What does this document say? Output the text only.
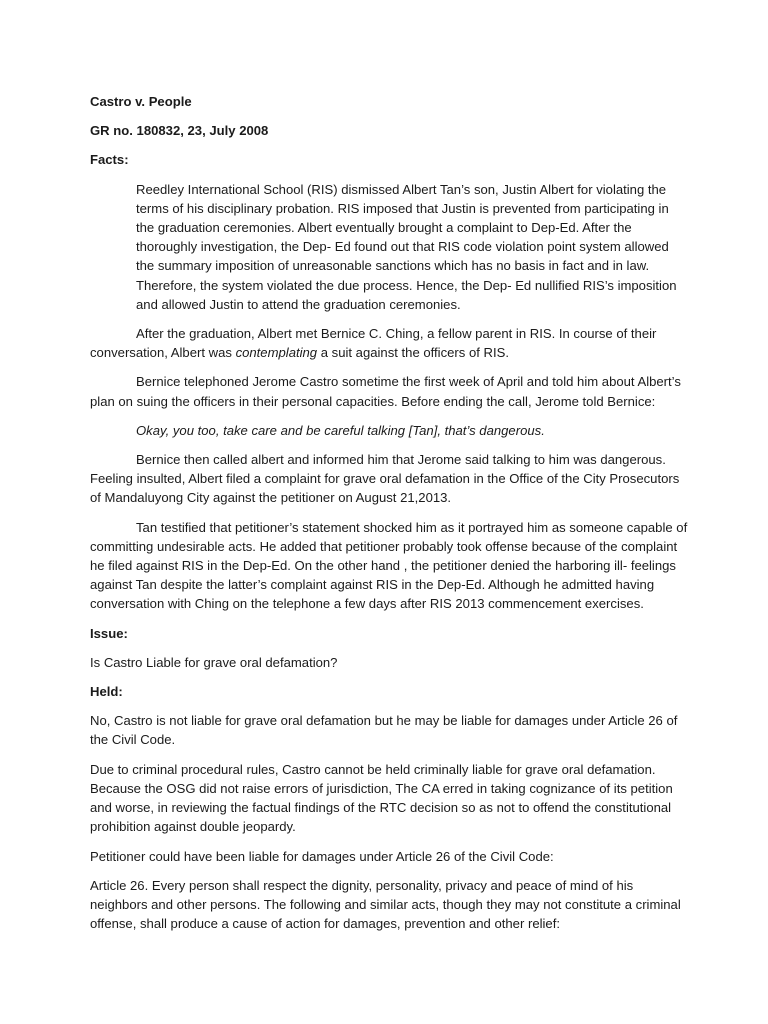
Castro v. People

GR no. 180832, 23, July 2008

Facts:

Reedley International School (RIS) dismissed Albert Tan’s son, Justin Albert for violating the terms of his disciplinary probation. RIS imposed that Justin is prevented from participating in the graduation ceremonies. Albert eventually brought a complaint to Dep-Ed. After the thoroughly investigation, the Dep- Ed found out that RIS code violation point system allowed the summary imposition of unreasonable sanctions which has no basis in fact and in law. Therefore, the system violated the due process. Hence, the Dep- Ed nullified RIS’s imposition and allowed Justin to attend the graduation ceremonies.

After the graduation, Albert met Bernice C. Ching, a fellow parent in RIS. In course of their conversation, Albert was contemplating a suit against the officers of RIS.

Bernice telephoned Jerome Castro sometime the first week of April and told him about Albert’s plan on suing the officers in their personal capacities. Before ending the call, Jerome told Bernice:

Okay, you too, take care and be careful talking [Tan], that’s dangerous.

Bernice then called albert and informed him that Jerome said talking to him was dangerous. Feeling insulted, Albert filed a complaint for grave oral defamation in the Office of the City Prosecutors of Mandaluyong City against the petitioner on August 21,2013.

Tan testified that petitioner’s statement shocked him as it portrayed him as someone capable of committing undesirable acts. He added that petitioner probably took offense because of the complaint he filed against RIS in the Dep-Ed. On the other hand , the petitioner denied the harboring ill- feelings against Tan despite the latter’s complaint against RIS in the Dep-Ed. Although he admitted having conversation with Ching on the telephone a few days after RIS 2013 commencement exercises.

Issue:

Is Castro Liable for grave oral defamation?

Held:

No, Castro is not liable for grave oral defamation but he may be liable for damages under Article 26 of the Civil Code.

Due to criminal procedural rules, Castro cannot be held criminally liable for grave oral defamation. Because the OSG did not raise errors of jurisdiction, The CA erred in taking cognizance of its petition and worse, in reviewing the factual findings of the RTC decision so as not to offend the constitutional prohibition against double jeopardy.

Petitioner could have been liable for damages under Article 26 of the Civil Code:

Article 26. Every person shall respect the dignity, personality, privacy and peace of mind of his neighbors and other persons. The following and similar acts, though they may not constitute a criminal offense, shall produce a cause of action for damages, prevention and other relief:
